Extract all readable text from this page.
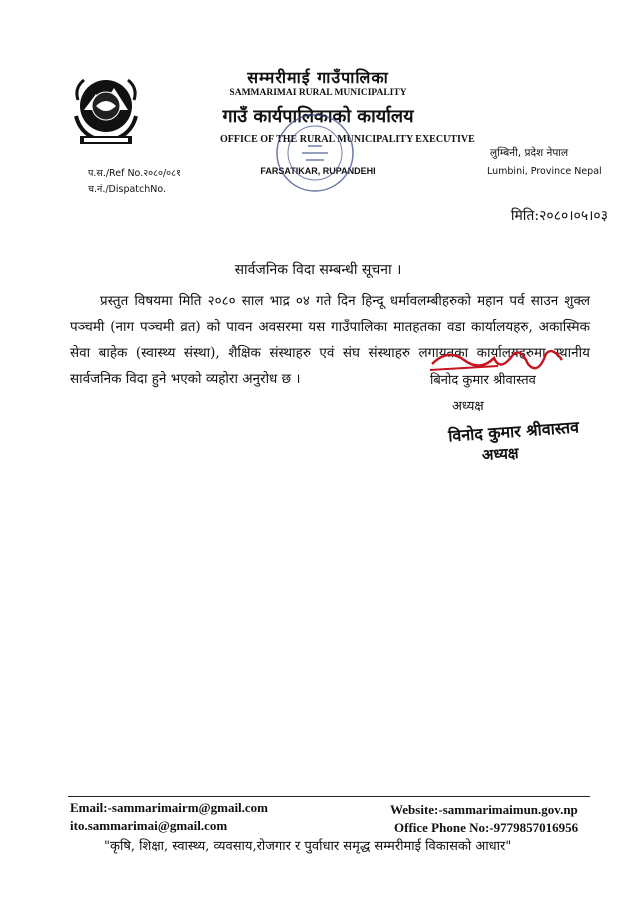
सम्मरीमाई गाउँपालिका
SAMMARIMAI RURAL MUNICIPALITY
गाउँ कार्यपालिकाको कार्यालय
OFFICE OF THE RURAL MUNICIPALITY EXECUTIVE
FARSATIKAR, RUPANDEHI
प.स./Ref No.२०८०/०८१
च.नं./DispatchNo.
लुम्बिनी, प्रदेश नेपाल
Lumbini, Province Nepal
मिति:२०८०।०५।०३
सार्वजनिक विदा सम्बन्धी सूचना ।
प्रस्तुत विषयमा मिति २०८० साल भाद्र ०४ गते दिन हिन्दू धर्मावलम्बीहरुको महान पर्व साउन शुक्ल पञ्चमी (नाग पञ्चमी व्रत) को पावन अवसरमा यस गाउँपालिका मातहतका वडा कार्यालयहरु, अकास्मिक सेवा बाहेक (स्वास्थ्य संस्था), शैक्षिक संस्थाहरु एवं संघ संस्थाहरु लगायतका कार्यालयहरुमा स्थानीय सार्वजनिक विदा हुने भएको व्यहोरा अनुरोध छ ।	बिनोद कुमार श्रीवास्तव
अध्यक्ष
विनोद कुमार श्रीवास्तव
अध्यक्ष
Email:-sammarimairm@gmail.com
ito.sammarimai@gmail.com
Website:-sammarimaimun.gov.np
Office Phone No:-9779857016956
"कृषि, शिक्षा, स्वास्थ्य, व्यवसाय,रोजगार र पुर्वाधार समृद्ध सम्मरीमाई विकासको आधार"
